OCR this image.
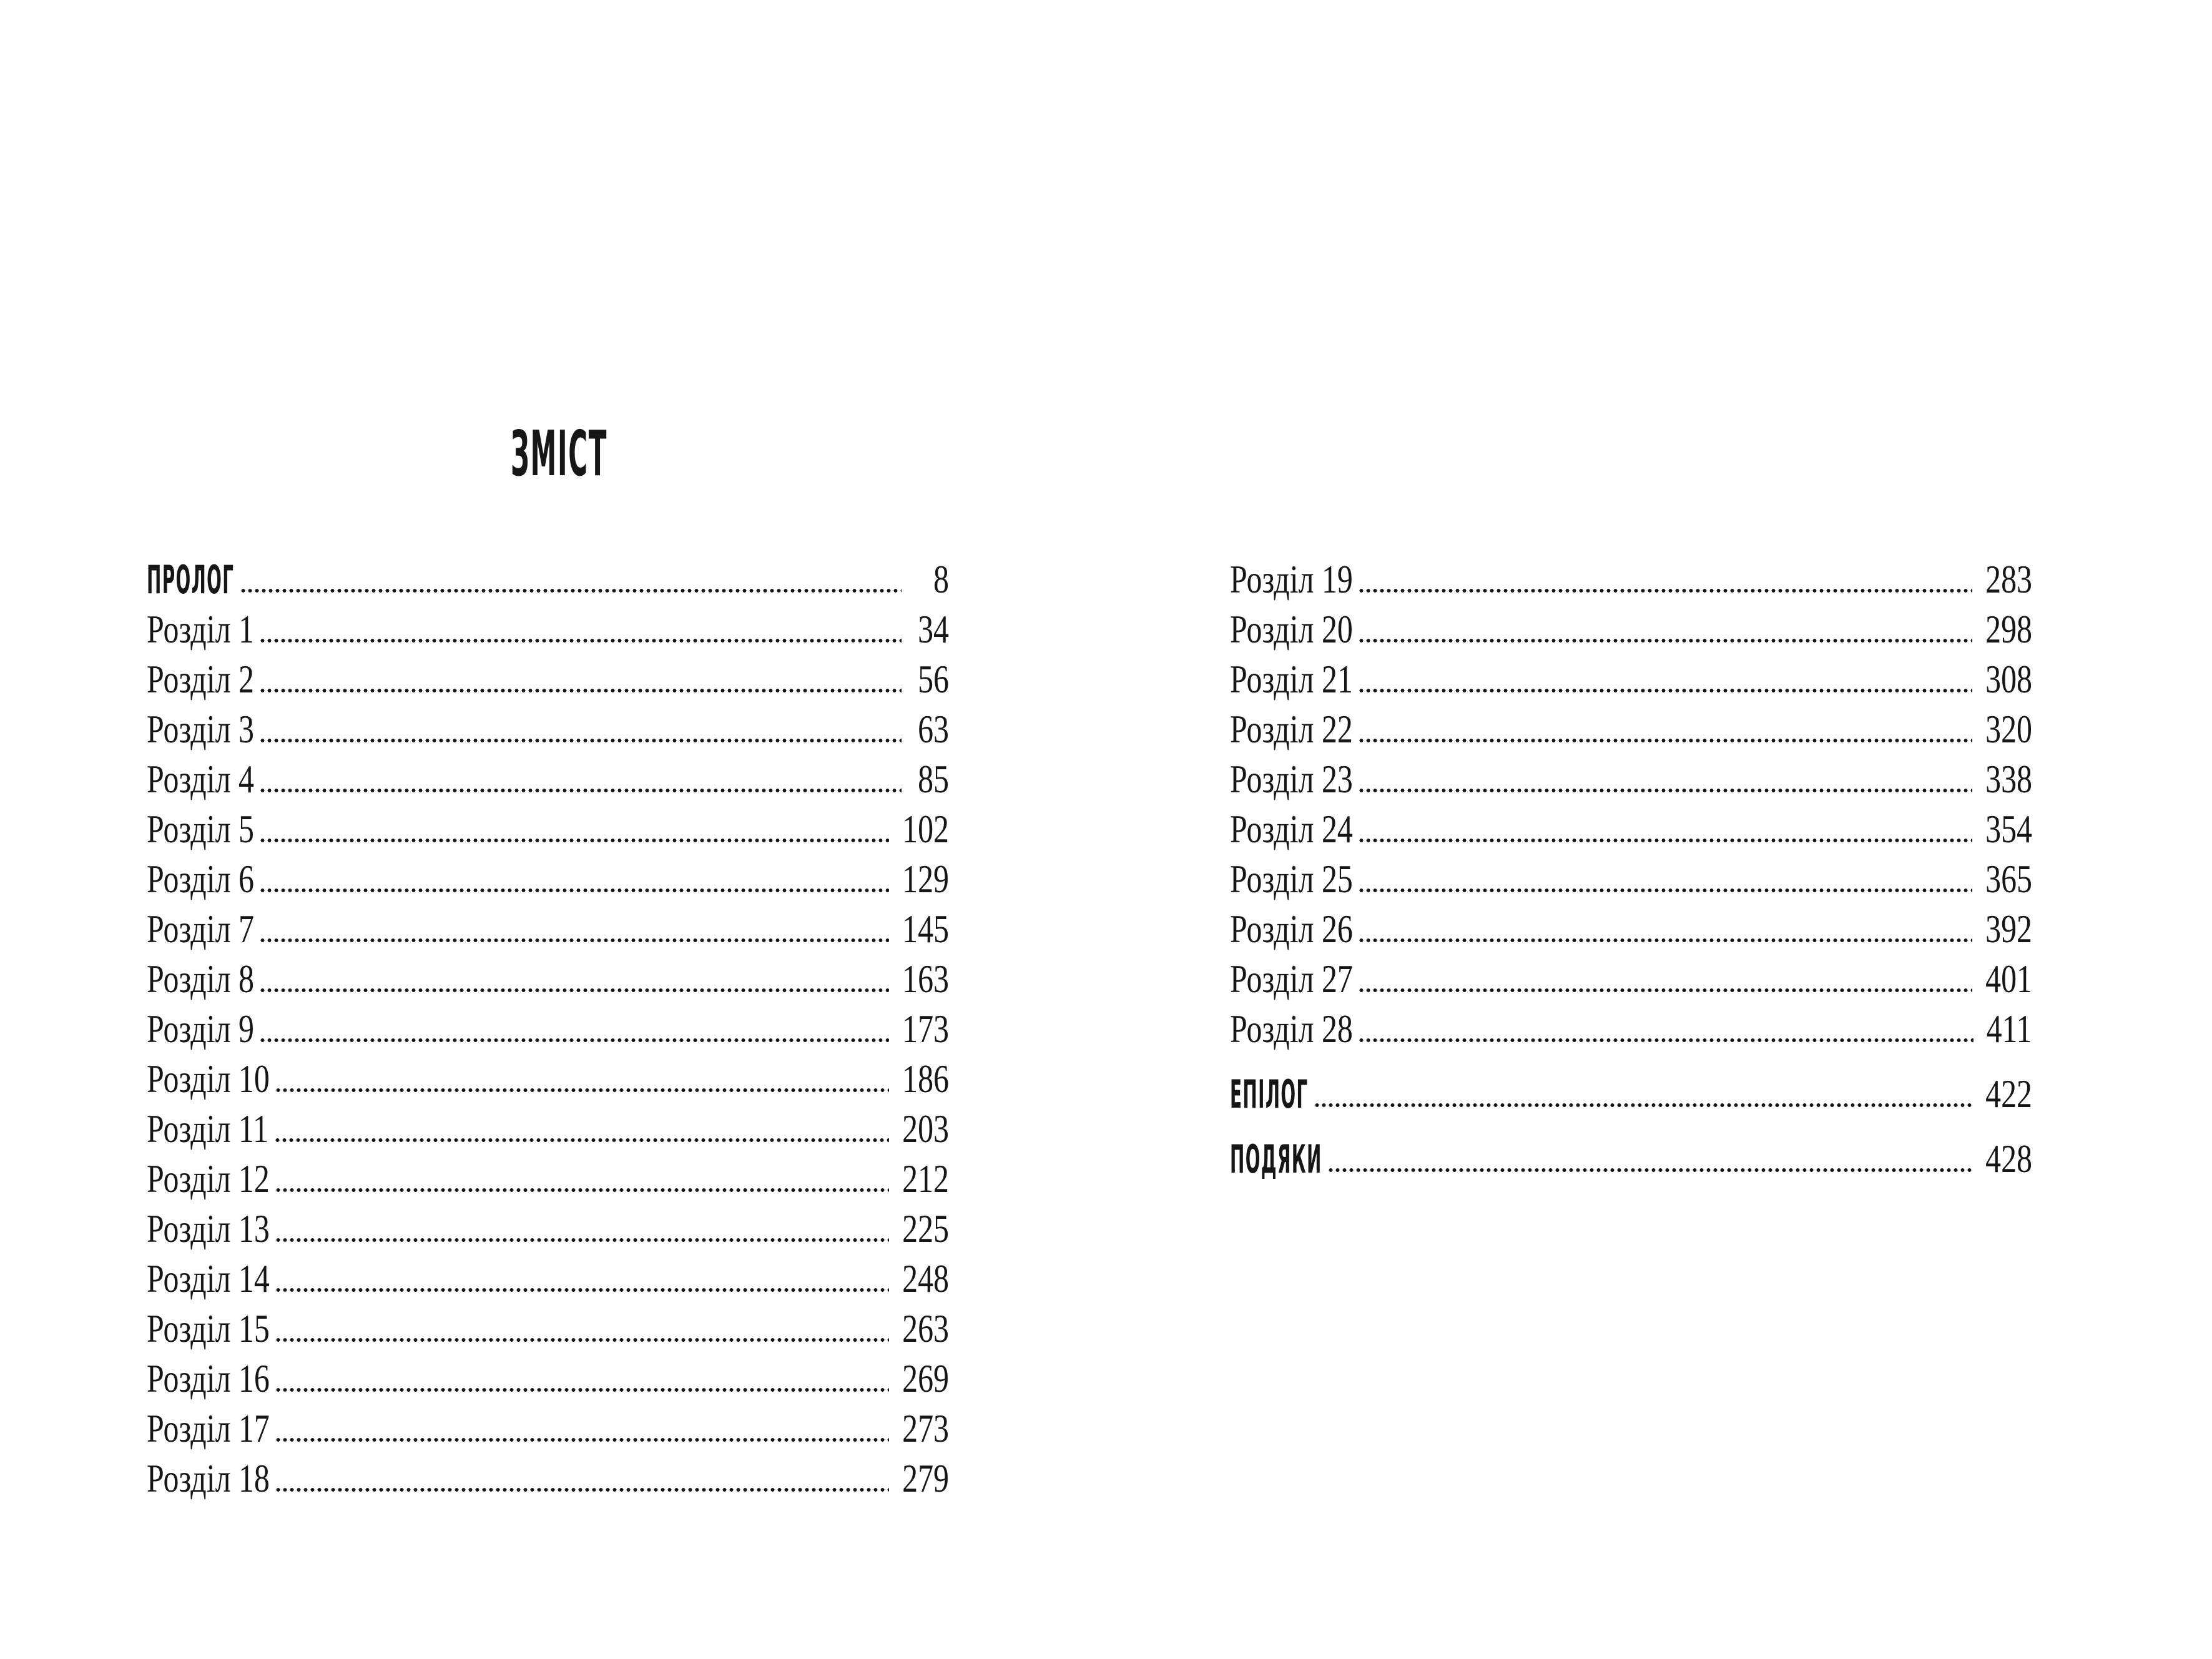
ЗМІСТ
ПРОЛОГ	8
Розділ 1	34
Розділ 2	56
Розділ 3	63
Розділ 4	85
Розділ 5	102
Розділ 6	129
Розділ 7	145
Розділ 8	163
Розділ 9	173
Розділ 10	186
Розділ 11	203
Розділ 12	212
Розділ 13	225
Розділ 14	248
Розділ 15	263
Розділ 16	269
Розділ 17	273
Розділ 18	279
Розділ 19	283
Розділ 20	298
Розділ 21	308
Розділ 22	320
Розділ 23	338
Розділ 24	354
Розділ 25	365
Розділ 26	392
Розділ 27	401
Розділ 28	411
ЕПІЛОГ	422
ПОДЯКИ	428
